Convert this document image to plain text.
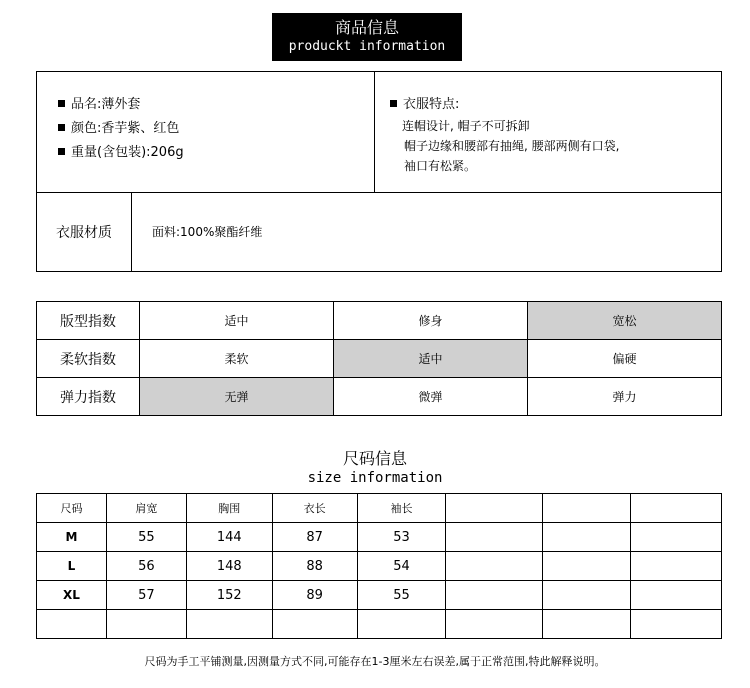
商品信息
produckt information
品名:薄外套
颜色:香芋紫、红色
重量(含包装):206g
衣服特点:
连帽设计, 帽子不可拆卸
帽子边缘和腰部有抽绳, 腰部两侧有口袋,
袖口有松紧。
衣服材质	面料:100%聚酯纤维
版型指数	适中	修身	宽松
柔软指数	柔软	适中	偏硬
弹力指数	无弹	微弹	弹力
尺码信息
size information
尺码	肩宽	胸围	衣长	袖长			
M	55	144	87	53			
L	56	148	88	54			
XL	57	152	89	55			

尺码为手工平铺测量,因测量方式不同,可能存在1-3厘米左右误差,属于正常范围,特此解释说明。
